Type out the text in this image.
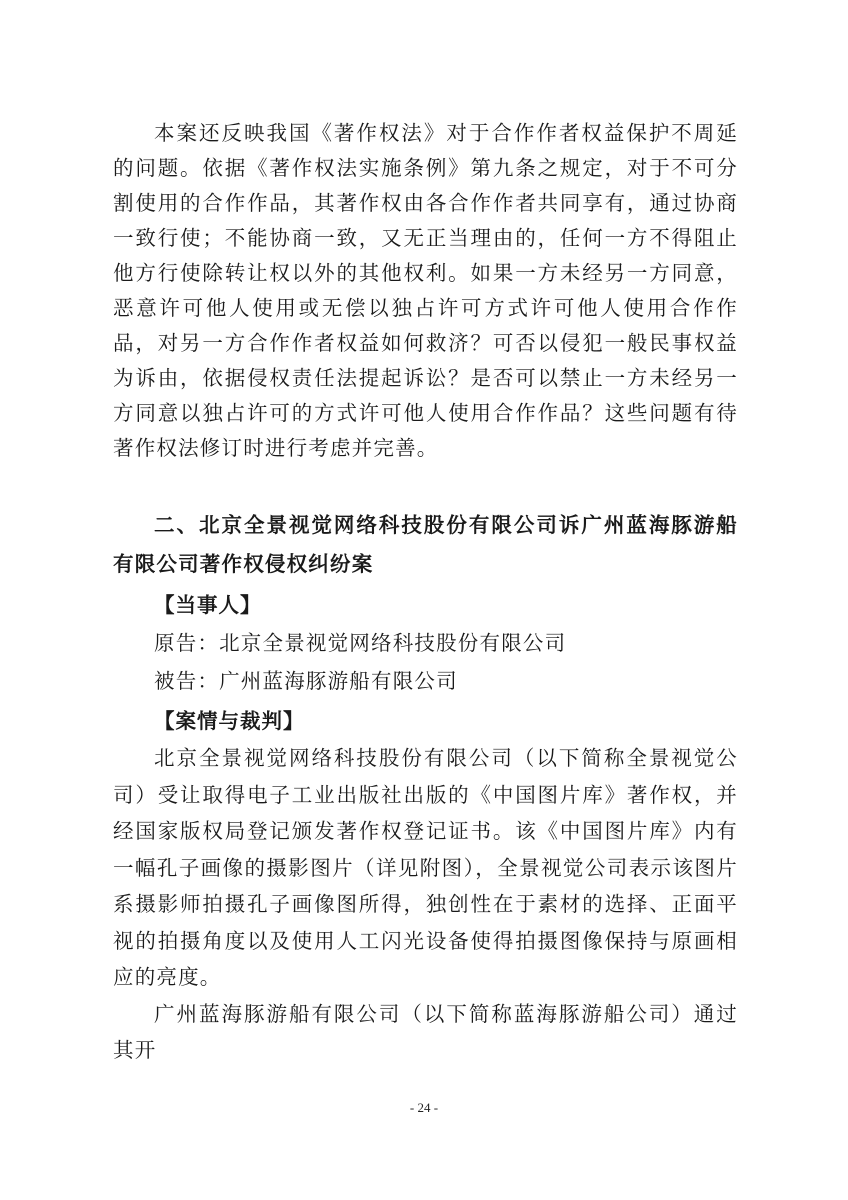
本案还反映我国《著作权法》对于合作作者权益保护不周延的问题。依据《著作权法实施条例》第九条之规定，对于不可分割使用的合作作品，其著作权由各合作作者共同享有，通过协商一致行使；不能协商一致，又无正当理由的，任何一方不得阻止他方行使除转让权以外的其他权利。如果一方未经另一方同意，恶意许可他人使用或无偿以独占许可方式许可他人使用合作作品，对另一方合作作者权益如何救济？可否以侵犯一般民事权益为诉由，依据侵权责任法提起诉讼？是否可以禁止一方未经另一方同意以独占许可的方式许可他人使用合作作品？这些问题有待著作权法修订时进行考虑并完善。

二、北京全景视觉网络科技股份有限公司诉广州蓝海豚游船有限公司著作权侵权纠纷案

【当事人】

原告：北京全景视觉网络科技股份有限公司

被告：广州蓝海豚游船有限公司

【案情与裁判】

北京全景视觉网络科技股份有限公司（以下简称全景视觉公司）受让取得电子工业出版社出版的《中国图片库》著作权，并经国家版权局登记颁发著作权登记证书。该《中国图片库》内有一幅孔子画像的摄影图片（详见附图），全景视觉公司表示该图片系摄影师拍摄孔子画像图所得，独创性在于素材的选择、正面平视的拍摄角度以及使用人工闪光设备使得拍摄图像保持与原画相应的亮度。

广州蓝海豚游船有限公司（以下简称蓝海豚游船公司）通过其开

- 24 -
